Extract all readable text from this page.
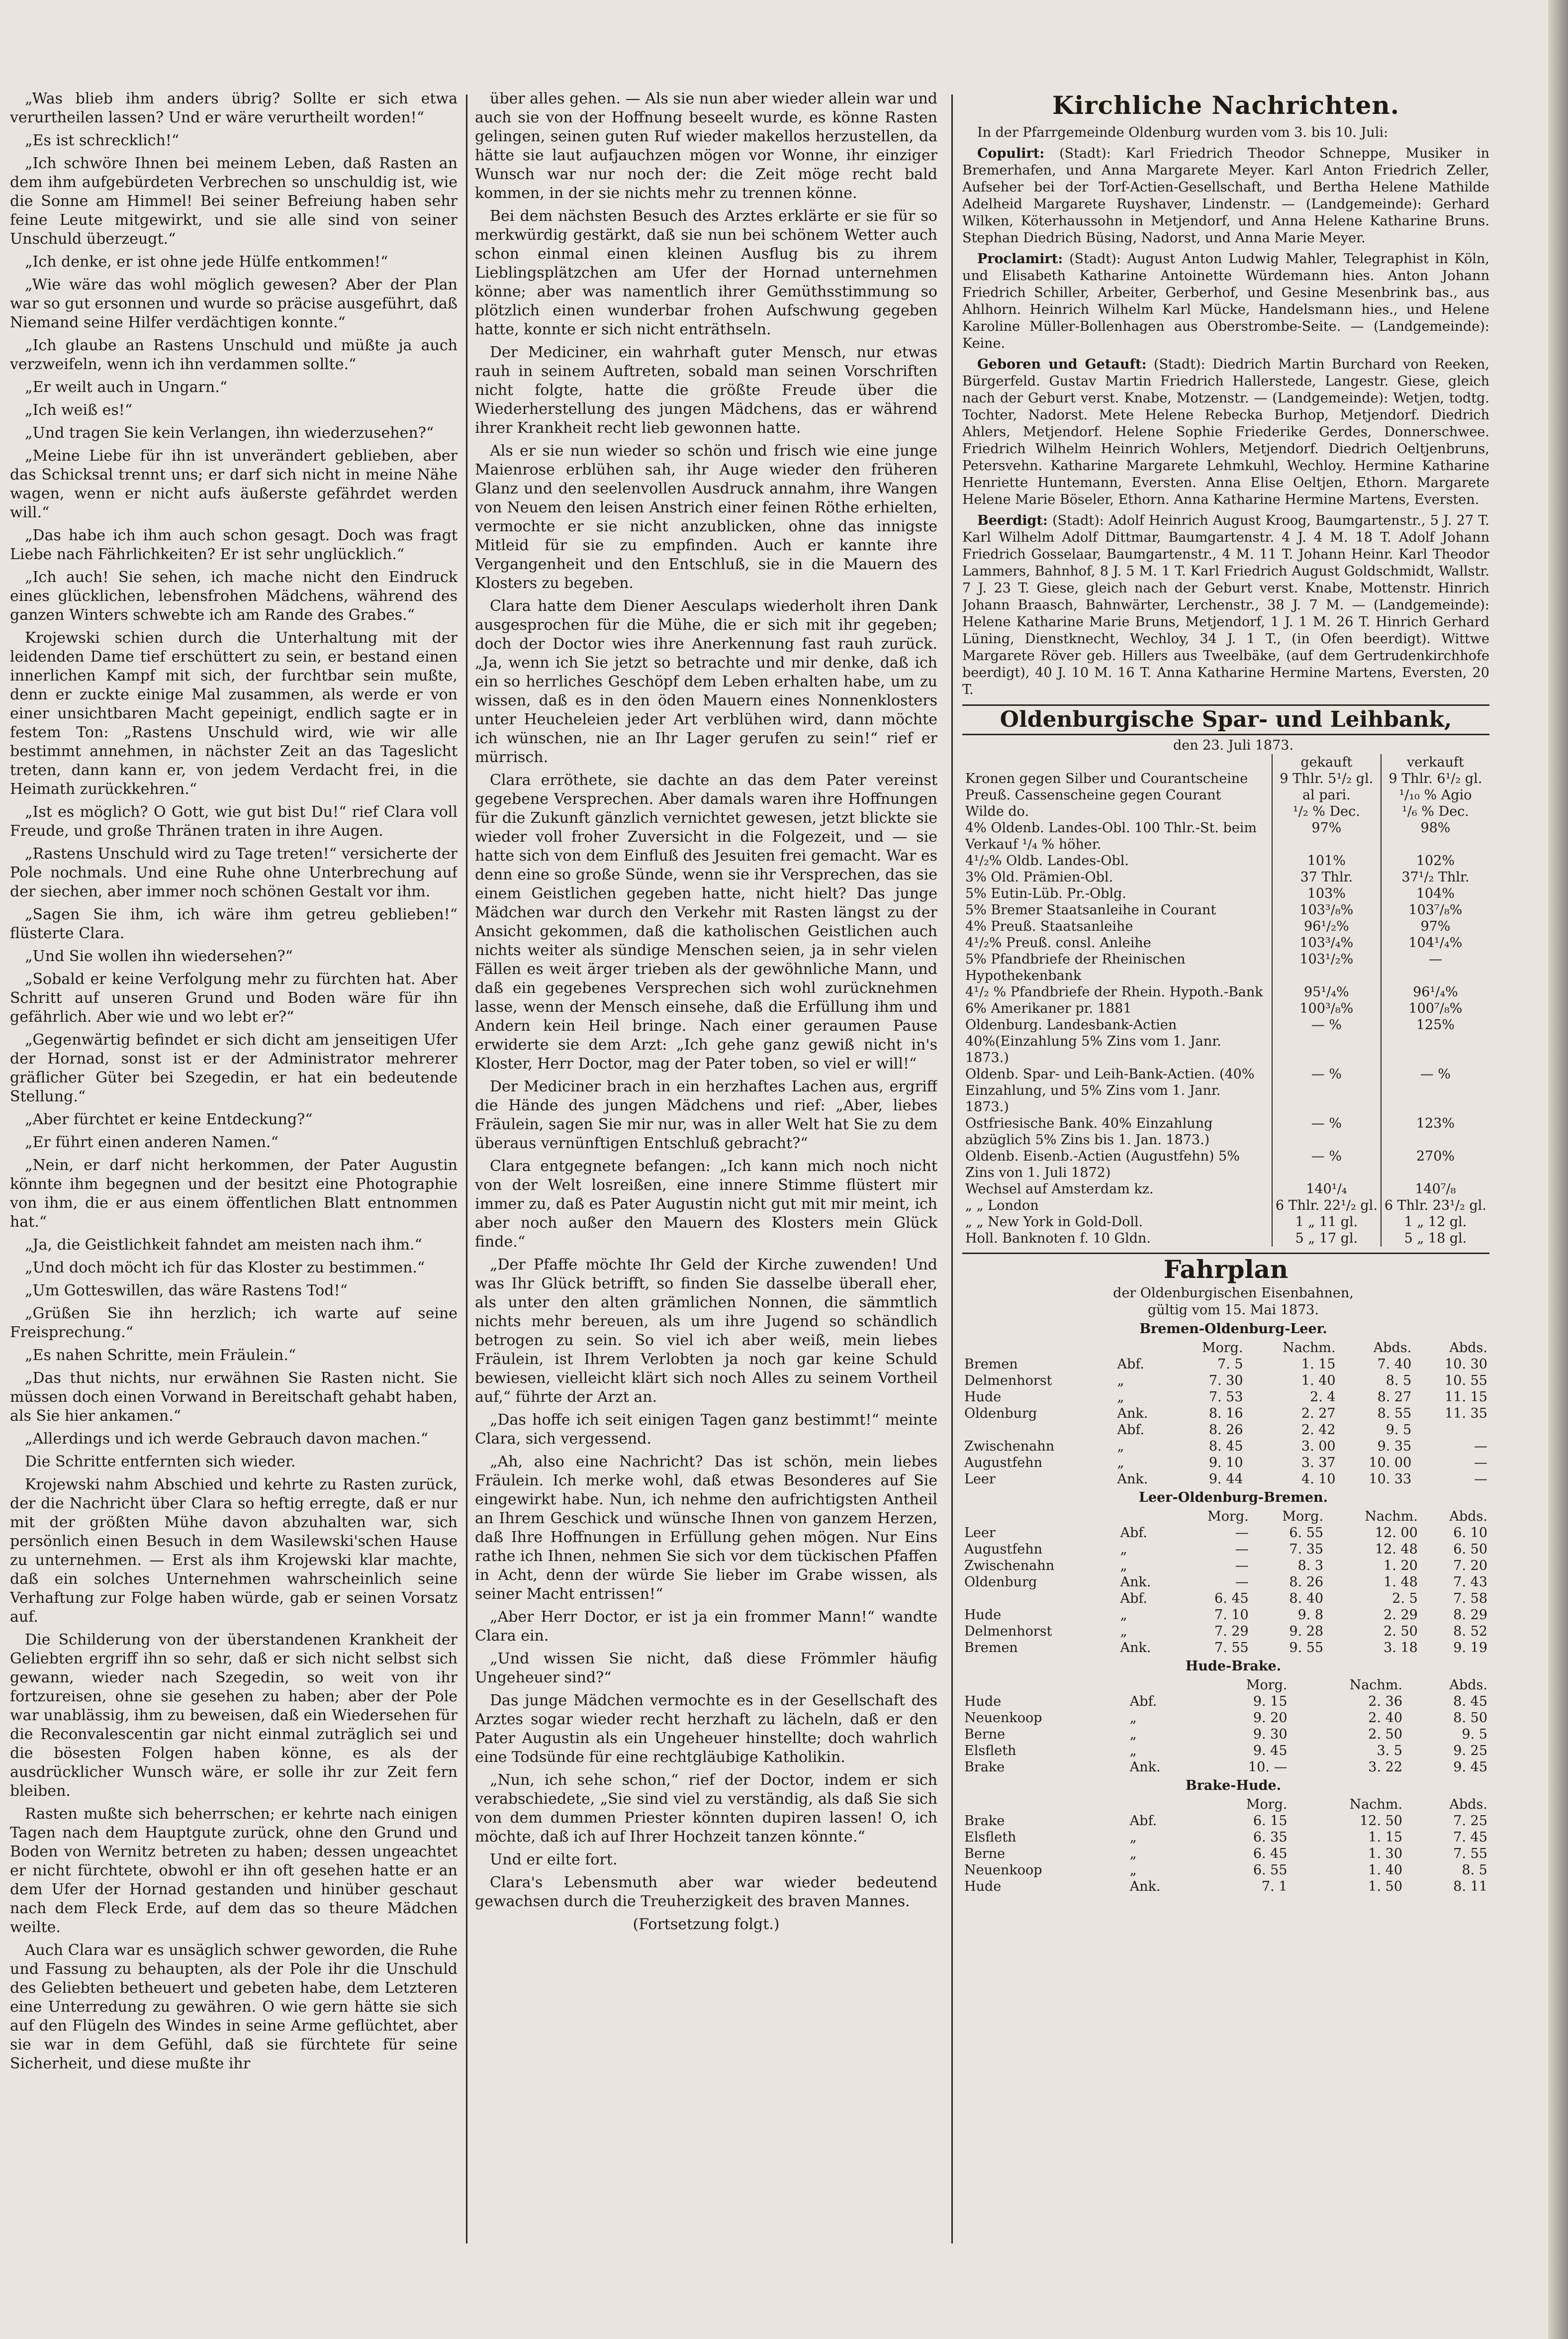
„Was blieb ihm anders übrig? Sollte er sich etwa verurtheilen lassen? Und er wäre verurtheilt worden!“

„Es ist schrecklich!“

„Ich schwöre Ihnen bei meinem Leben, daß Rasten an dem ihm aufgebürdeten Verbrechen so unschuldig ist, wie die Sonne am Himmel! Bei seiner Befreiung haben sehr feine Leute mitgewirkt, und sie alle sind von seiner Unschuld überzeugt.“

„Ich denke, er ist ohne jede Hülfe entkommen!“

„Wie wäre das wohl möglich gewesen? Aber der Plan war so gut ersonnen und wurde so präcise ausgeführt, daß Niemand seine Hilfer verdächtigen konnte.“

„Ich glaube an Rastens Unschuld und müßte ja auch verzweifeln, wenn ich ihn verdammen sollte.“

„Er weilt auch in Ungarn.“

„Ich weiß es!“

„Und tragen Sie kein Verlangen, ihn wiederzusehen?“

„Meine Liebe für ihn ist unverändert geblieben, aber das Schicksal trennt uns; er darf sich nicht in meine Nähe wagen, wenn er nicht aufs äußerste gefährdet werden will.“

„Das habe ich ihm auch schon gesagt. Doch was fragt Liebe nach Fährlichkeiten? Er ist sehr unglücklich.“

„Ich auch! Sie sehen, ich mache nicht den Eindruck eines glücklichen, lebensfrohen Mädchens, während des ganzen Winters schwebte ich am Rande des Grabes.“

Krojewski schien durch die Unterhaltung mit der leidenden Dame tief erschüttert zu sein, er bestand einen innerlichen Kampf mit sich, der furchtbar sein mußte, denn er zuckte einige Mal zusammen, als werde er von einer unsichtbaren Macht gepeinigt, endlich sagte er in festem Ton: „Rastens Unschuld wird, wie wir alle bestimmt annehmen, in nächster Zeit an das Tageslicht treten, dann kann er, von jedem Verdacht frei, in die Heimath zurückkehren.“

„Ist es möglich? O Gott, wie gut bist Du!“ rief Clara voll Freude, und große Thränen traten in ihre Augen.

„Rastens Unschuld wird zu Tage treten!“ versicherte der Pole nochmals. Und eine Ruhe ohne Unterbrechung auf der siechen, aber immer noch schönen Gestalt vor ihm.

„Sagen Sie ihm, ich wäre ihm getreu geblieben!“ flüsterte Clara.

„Und Sie wollen ihn wiedersehen?“

„Sobald er keine Verfolgung mehr zu fürchten hat. Aber Schritt auf unseren Grund und Boden wäre für ihn gefährlich. Aber wie und wo lebt er?“

„Gegenwärtig befindet er sich dicht am jenseitigen Ufer der Hornad, sonst ist er der Administrator mehrerer gräflicher Güter bei Szegedin, er hat ein bedeutende Stellung.“

„Aber fürchtet er keine Entdeckung?“

„Er führt einen anderen Namen.“

„Nein, er darf nicht herkommen, der Pater Augustin könnte ihm begegnen und der besitzt eine Photographie von ihm, die er aus einem öffentlichen Blatt entnommen hat.“

„Ja, die Geistlichkeit fahndet am meisten nach ihm.“

„Und doch möcht ich für das Kloster zu bestimmen.“

„Um Gotteswillen, das wäre Rastens Tod!“

„Grüßen Sie ihn herzlich; ich warte auf seine Freisprechung.“

„Es nahen Schritte, mein Fräulein.“

„Das thut nichts, nur erwähnen Sie Rasten nicht. Sie müssen doch einen Vorwand in Bereitschaft gehabt haben, als Sie hier ankamen.“

„Allerdings und ich werde Gebrauch davon machen.“

Die Schritte entfernten sich wieder.

Krojewski nahm Abschied und kehrte zu Rasten zurück, der die Nachricht über Clara so heftig erregte, daß er nur mit der größten Mühe davon abzuhalten war, sich persönlich einen Besuch in dem Wasilewski'schen Hause zu unternehmen. — Erst als ihm Krojewski klar machte, daß ein solches Unternehmen wahrscheinlich seine Verhaftung zur Folge haben würde, gab er seinen Vorsatz auf.

Die Schilderung von der überstandenen Krankheit der Geliebten ergriff ihn so sehr, daß er sich nicht selbst sich gewann, wieder nach Szegedin, so weit von ihr fortzureisen, ohne sie gesehen zu haben; aber der Pole war unablässig, ihm zu beweisen, daß ein Wiedersehen für die Reconvalescentin gar nicht einmal zuträglich sei und die bösesten Folgen haben könne, es als der ausdrücklicher Wunsch wäre, er solle ihr zur Zeit fern bleiben.

Rasten mußte sich beherrschen; er kehrte nach einigen Tagen nach dem Hauptgute zurück, ohne den Grund und Boden von Wernitz betreten zu haben; dessen ungeachtet er nicht fürchtete, obwohl er ihn oft gesehen hatte er an dem Ufer der Hornad gestanden und hinüber geschaut nach dem Fleck Erde, auf dem das so theure Mädchen weilte.

Auch Clara war es unsäglich schwer geworden, die Ruhe und Fassung zu behaupten, als der Pole ihr die Unschuld des Geliebten betheuert und gebeten habe, dem Letzteren eine Unterredung zu gewähren. O wie gern hätte sie sich auf den Flügeln des Windes in seine Arme geflüchtet, aber sie war in dem Gefühl, daß sie fürchtete für seine Sicherheit, und diese mußte ihr

über alles gehen. — Als sie nun aber wieder allein war und auch sie von der Hoffnung beseelt wurde, es könne Rasten gelingen, seinen guten Ruf wieder makellos herzustellen, da hätte sie laut aufjauchzen mögen vor Wonne, ihr einziger Wunsch war nur noch der: die Zeit möge recht bald kommen, in der sie nichts mehr zu trennen könne.

Bei dem nächsten Besuch des Arztes erklärte er sie für so merkwürdig gestärkt, daß sie nun bei schönem Wetter auch schon einmal einen kleinen Ausflug bis zu ihrem Lieblingsplätzchen am Ufer der Hornad unternehmen könne; aber was namentlich ihrer Gemüthsstimmung so plötzlich einen wunderbar frohen Aufschwung gegeben hatte, konnte er sich nicht enträthseln.

Der Mediciner, ein wahrhaft guter Mensch, nur etwas rauh in seinem Auftreten, sobald man seinen Vorschriften nicht folgte, hatte die größte Freude über die Wiederherstellung des jungen Mädchens, das er während ihrer Krankheit recht lieb gewonnen hatte.

Als er sie nun wieder so schön und frisch wie eine junge Maienrose erblühen sah, ihr Auge wieder den früheren Glanz und den seelenvollen Ausdruck annahm, ihre Wangen von Neuem den leisen Anstrich einer feinen Röthe erhielten, vermochte er sie nicht anzublicken, ohne das innigste Mitleid für sie zu empfinden. Auch er kannte ihre Vergangenheit und den Entschluß, sie in die Mauern des Klosters zu begeben.

Clara hatte dem Diener Aesculaps wiederholt ihren Dank ausgesprochen für die Mühe, die er sich mit ihr gegeben; doch der Doctor wies ihre Anerkennung fast rauh zurück. „Ja, wenn ich Sie jetzt so betrachte und mir denke, daß ich ein so herrliches Geschöpf dem Leben erhalten habe, um zu wissen, daß es in den öden Mauern eines Nonnenklosters unter Heucheleien jeder Art verblühen wird, dann möchte ich wünschen, nie an Ihr Lager gerufen zu sein!“ rief er mürrisch.

Clara erröthete, sie dachte an das dem Pater vereinst gegebene Versprechen. Aber damals waren ihre Hoffnungen für die Zukunft gänzlich vernichtet gewesen, jetzt blickte sie wieder voll froher Zuversicht in die Folgezeit, und — sie hatte sich von dem Einfluß des Jesuiten frei gemacht. War es denn eine so große Sünde, wenn sie ihr Versprechen, das sie einem Geistlichen gegeben hatte, nicht hielt? Das junge Mädchen war durch den Verkehr mit Rasten längst zu der Ansicht gekommen, daß die katholischen Geistlichen auch nichts weiter als sündige Menschen seien, ja in sehr vielen Fällen es weit ärger trieben als der gewöhnliche Mann, und daß ein gegebenes Versprechen sich wohl zurücknehmen lasse, wenn der Mensch einsehe, daß die Erfüllung ihm und Andern kein Heil bringe. Nach einer geraumen Pause erwiderte sie dem Arzt: „Ich gehe ganz gewiß nicht in's Kloster, Herr Doctor, mag der Pater toben, so viel er will!“

Der Mediciner brach in ein herzhaftes Lachen aus, ergriff die Hände des jungen Mädchens und rief: „Aber, liebes Fräulein, sagen Sie mir nur, was in aller Welt hat Sie zu dem überaus vernünftigen Entschluß gebracht?“

Clara entgegnete befangen: „Ich kann mich noch nicht von der Welt losreißen, eine innere Stimme flüstert mir immer zu, daß es Pater Augustin nicht gut mit mir meint, ich aber noch außer den Mauern des Klosters mein Glück finde.“

„Der Pfaffe möchte Ihr Geld der Kirche zuwenden! Und was Ihr Glück betrifft, so finden Sie dasselbe überall eher, als unter den alten grämlichen Nonnen, die sämmtlich nichts mehr bereuen, als um ihre Jugend so schändlich betrogen zu sein. So viel ich aber weiß, mein liebes Fräulein, ist Ihrem Verlobten ja noch gar keine Schuld bewiesen, vielleicht klärt sich noch Alles zu seinem Vortheil auf,“ führte der Arzt an.

„Das hoffe ich seit einigen Tagen ganz bestimmt!“ meinte Clara, sich vergessend.

„Ah, also eine Nachricht? Das ist schön, mein liebes Fräulein. Ich merke wohl, daß etwas Besonderes auf Sie eingewirkt habe. Nun, ich nehme den aufrichtigsten Antheil an Ihrem Geschick und wünsche Ihnen von ganzem Herzen, daß Ihre Hoffnungen in Erfüllung gehen mögen. Nur Eins rathe ich Ihnen, nehmen Sie sich vor dem tückischen Pfaffen in Acht, denn der würde Sie lieber im Grabe wissen, als seiner Macht entrissen!“

„Aber Herr Doctor, er ist ja ein frommer Mann!“ wandte Clara ein.

„Und wissen Sie nicht, daß diese Frömmler häufig Ungeheuer sind?“

Das junge Mädchen vermochte es in der Gesellschaft des Arztes sogar wieder recht herzhaft zu lächeln, daß er den Pater Augustin als ein Ungeheuer hinstellte; doch wahrlich eine Todsünde für eine rechtgläubige Katholikin.

„Nun, ich sehe schon,“ rief der Doctor, indem er sich verabschiedete, „Sie sind viel zu verständig, als daß Sie sich von dem dummen Priester könnten dupiren lassen! O, ich möchte, daß ich auf Ihrer Hochzeit tanzen könnte.“

Und er eilte fort.

Clara's Lebensmuth aber war wieder bedeutend gewachsen durch die Treuherzigkeit des braven Mannes.

(Fortsetzung folgt.)

Kirchliche Nachrichten.

In der Pfarrgemeinde Oldenburg wurden vom 3. bis 10. Juli:

Copulirt: (Stadt): Karl Friedrich Theodor Schneppe, Musiker in Bremerhafen, und Anna Margarete Meyer. Karl Anton Friedrich Zeller, Aufseher bei der Torf-Actien-Gesellschaft, und Bertha Helene Mathilde Adelheid Margarete Ruyshaver, Lindenstr. — (Landgemeinde): Gerhard Wilken, Köterhaussohn in Metjendorf, und Anna Helene Katharine Bruns. Stephan Diedrich Büsing, Nadorst, und Anna Marie Meyer.

Proclamirt: (Stadt): August Anton Ludwig Mahler, Telegraphist in Köln, und Elisabeth Katharine Antoinette Würdemann hies. Anton Johann Friedrich Schiller, Arbeiter, Gerberhof, und Gesine Mesenbrink bas., aus Ahlhorn. Heinrich Wilhelm Karl Mücke, Handelsmann hies., und Helene Karoline Müller-Bollenhagen aus Oberstrombe-Seite. — (Landgemeinde): Keine.

Geboren und Getauft: (Stadt): Diedrich Martin Burchard von Reeken, Bürgerfeld. Gustav Martin Friedrich Hallerstede, Langestr. Giese, gleich nach der Geburt verst. Knabe, Motzenstr. — (Landgemeinde): Wetjen, todtg. Tochter, Nadorst. Mete Helene Rebecka Burhop, Metjendorf. Diedrich Ahlers, Metjendorf. Helene Sophie Friederike Gerdes, Donnerschwee. Friedrich Wilhelm Heinrich Wohlers, Metjendorf. Diedrich Oeltjenbruns, Petersvehn. Katharine Margarete Lehmkuhl, Wechloy. Hermine Katharine Henriette Huntemann, Eversten. Anna Elise Oeltjen, Ethorn. Margarete Helene Marie Böseler, Ethorn. Anna Katharine Hermine Martens, Eversten.

Beerdigt: (Stadt): Adolf Heinrich August Kroog, Baumgartenstr., 5 J. 27 T. Karl Wilhelm Adolf Dittmar, Baumgartenstr. 4 J. 4 M. 18 T. Adolf Johann Friedrich Gosselaar, Baumgartenstr., 4 M. 11 T. Johann Heinr. Karl Theodor Lammers, Bahnhof, 8 J. 5 M. 1 T. Karl Friedrich August Goldschmidt, Wallstr. 7 J. 23 T. Giese, gleich nach der Geburt verst. Knabe, Mottenstr. Hinrich Johann Braasch, Bahnwärter, Lerchenstr., 38 J. 7 M. — (Landgemeinde): Helene Katharine Marie Bruns, Metjendorf, 1 J. 1 M. 26 T. Hinrich Gerhard Lüning, Dienstknecht, Wechloy, 34 J. 1 T., (in Ofen beerdigt). Wittwe Margarete Röver geb. Hillers aus Tweelbäke, (auf dem Gertrudenkirchhofe beerdigt), 40 J. 10 M. 16 T. Anna Katharine Hermine Martens, Eversten, 20 T.

Oldenburgische Spar- und Leihbank,

den 23. Juli 1873.

	gekauft	verkauft
Kronen gegen Silber und Courantscheine	9 Thlr. 5¹/₂ gl.	9 Thlr. 6¹/₂ gl.
Preuß. Cassenscheine gegen Courant	al pari.	¹/₁₀ % Agio
Wilde do.	¹/₂ % Dec.	¹/₆ % Dec.
4% Oldenb. Landes-Obl. 100 Thlr.-St. beim Verkauf ¹/₄ % höher.	97%	98%
4¹/₂% Oldb. Landes-Obl.	101%	102%
3% Old. Prämien-Obl.	37 Thlr.	37¹/₂ Thlr.
5% Eutin-Lüb. Pr.-Oblg.	103%	104%
5% Bremer Staatsanleihe in Courant	103³/₈%	103⁷/₈%
4% Preuß. Staatsanleihe	96¹/₂%	97%
4¹/₂% Preuß. consl. Anleihe	103³/₄%	104¹/₄%
5% Pfandbriefe der Rheinischen Hypothekenbank	103¹/₂%	—
4¹/₂ % Pfandbriefe der Rhein. Hypoth.-Bank	95¹/₄%	96¹/₄%
6% Amerikaner pr. 1881	100³/₈%	100⁷/₈%
Oldenburg. Landesbank-Actien	— %	125%
40%(Einzahlung 5% Zins vom 1. Janr. 1873.)		
Oldenb. Spar- und Leih-Bank-Actien. (40% Einzahlung, und 5% Zins vom 1. Janr. 1873.)	— %	— %
Ostfriesische Bank. 40% Einzahlung abzüglich 5% Zins bis 1. Jan. 1873.)	— %	123%
Oldenb. Eisenb.-Actien (Augustfehn) 5% Zins von 1. Juli 1872)	— %	270%
Wechsel auf Amsterdam kz.	140¹/₄	140⁷/₈
„ „ London	6 Thlr. 22¹/₂ gl.	6 Thlr. 23¹/₂ gl.
„ „ New York in Gold-Doll.	1 „ 11 gl.	1 „ 12 gl.
Holl. Banknoten f. 10 Gldn.	5 „ 17 gl.	5 „ 18 gl.
Fahrplan

der Oldenburgischen Eisenbahnen,

gültig vom 15. Mai 1873.

Bremen-Oldenburg-Leer.

		Morg.	Nachm.	Abds.	Abds.
Bremen	Abf.	7. 5	1. 15	7. 40	10. 30
Delmenhorst	„	7. 30	1. 40	8. 5	10. 55
Hude	„	7. 53	2. 4	8. 27	11. 15
Oldenburg	Ank.	8. 16	2. 27	8. 55	11. 35
	Abf.	8. 26	2. 42	9. 5	
Zwischenahn	„	8. 45	3. 00	9. 35	—
Augustfehn	„	9. 10	3. 37	10. 00	—
Leer	Ank.	9. 44	4. 10	10. 33	—

Leer-Oldenburg-Bremen.

		Morg.	Morg.	Nachm.	Abds.
Leer	Abf.	—	6. 55	12. 00	6. 10
Augustfehn	„	—	7. 35	12. 48	6. 50
Zwischenahn	„	—	8. 3	1. 20	7. 20
Oldenburg	Ank.	—	8. 26	1. 48	7. 43
	Abf.	6. 45	8. 40	2. 5	7. 58
Hude	„	7. 10	9. 8	2. 29	8. 29
Delmenhorst	„	7. 29	9. 28	2. 50	8. 52
Bremen	Ank.	7. 55	9. 55	3. 18	9. 19

Hude-Brake.

		Morg.	Nachm.	Abds.
Hude	Abf.	9. 15	2. 36	8. 45
Neuenkoop	„	9. 20	2. 40	8. 50
Berne	„	9. 30	2. 50	9. 5
Elsfleth	„	9. 45	3. 5	9. 25
Brake	Ank.	10. —	3. 22	9. 45

Brake-Hude.

		Morg.	Nachm.	Abds.
Brake	Abf.	6. 15	12. 50	7. 25
Elsfleth	„	6. 35	1. 15	7. 45
Berne	„	6. 45	1. 30	7. 55
Neuenkoop	„	6. 55	1. 40	8. 5
Hude	Ank.	7. 1	1. 50	8. 11
